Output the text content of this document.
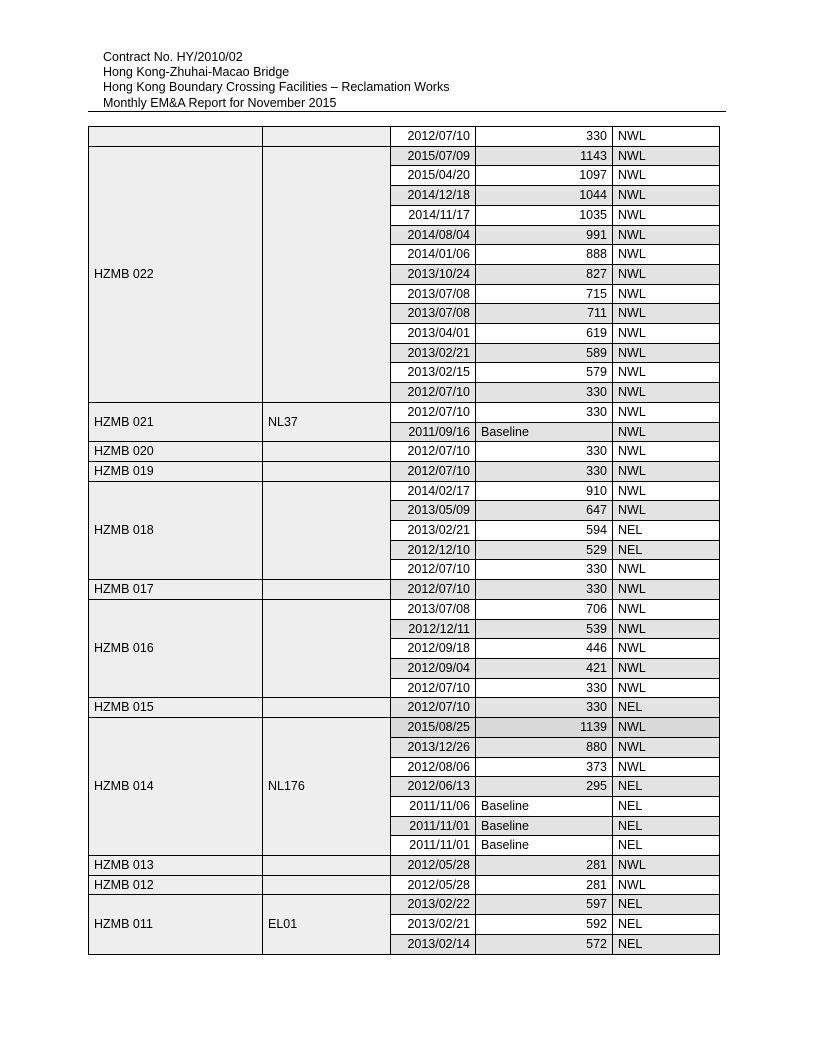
Contract No. HY/2010/02
Hong Kong-Zhuhai-Macao Bridge
Hong Kong Boundary Crossing Facilities – Reclamation Works
Monthly EM&A Report for November 2015
		2012/07/10	330	NWL
HZMB 022		2015/07/09	1143	NWL
		2015/04/20	1097	NWL
		2014/12/18	1044	NWL
		2014/11/17	1035	NWL
		2014/08/04	991	NWL
		2014/01/06	888	NWL
		2013/10/24	827	NWL
		2013/07/08	715	NWL
		2013/07/08	711	NWL
		2013/04/01	619	NWL
		2013/02/21	589	NWL
		2013/02/15	579	NWL
		2012/07/10	330	NWL
HZMB 021	NL37	2012/07/10	330	NWL
		2011/09/16	Baseline	NWL
HZMB 020		2012/07/10	330	NWL
HZMB 019		2012/07/10	330	NWL
HZMB 018		2014/02/17	910	NWL
		2013/05/09	647	NWL
		2013/02/21	594	NEL
		2012/12/10	529	NEL
		2012/07/10	330	NWL
HZMB 017		2012/07/10	330	NWL
HZMB 016		2013/07/08	706	NWL
		2012/12/11	539	NWL
		2012/09/18	446	NWL
		2012/09/04	421	NWL
		2012/07/10	330	NWL
HZMB 015		2012/07/10	330	NEL
HZMB 014	NL176	2015/08/25	1139	NWL
		2013/12/26	880	NWL
		2012/08/06	373	NWL
		2012/06/13	295	NEL
		2011/11/06	Baseline	NEL
		2011/11/01	Baseline	NEL
		2011/11/01	Baseline	NEL
HZMB 013		2012/05/28	281	NWL
HZMB 012		2012/05/28	281	NWL
HZMB 011	EL01	2013/02/22	597	NEL
		2013/02/21	592	NEL
		2013/02/14	572	NEL
